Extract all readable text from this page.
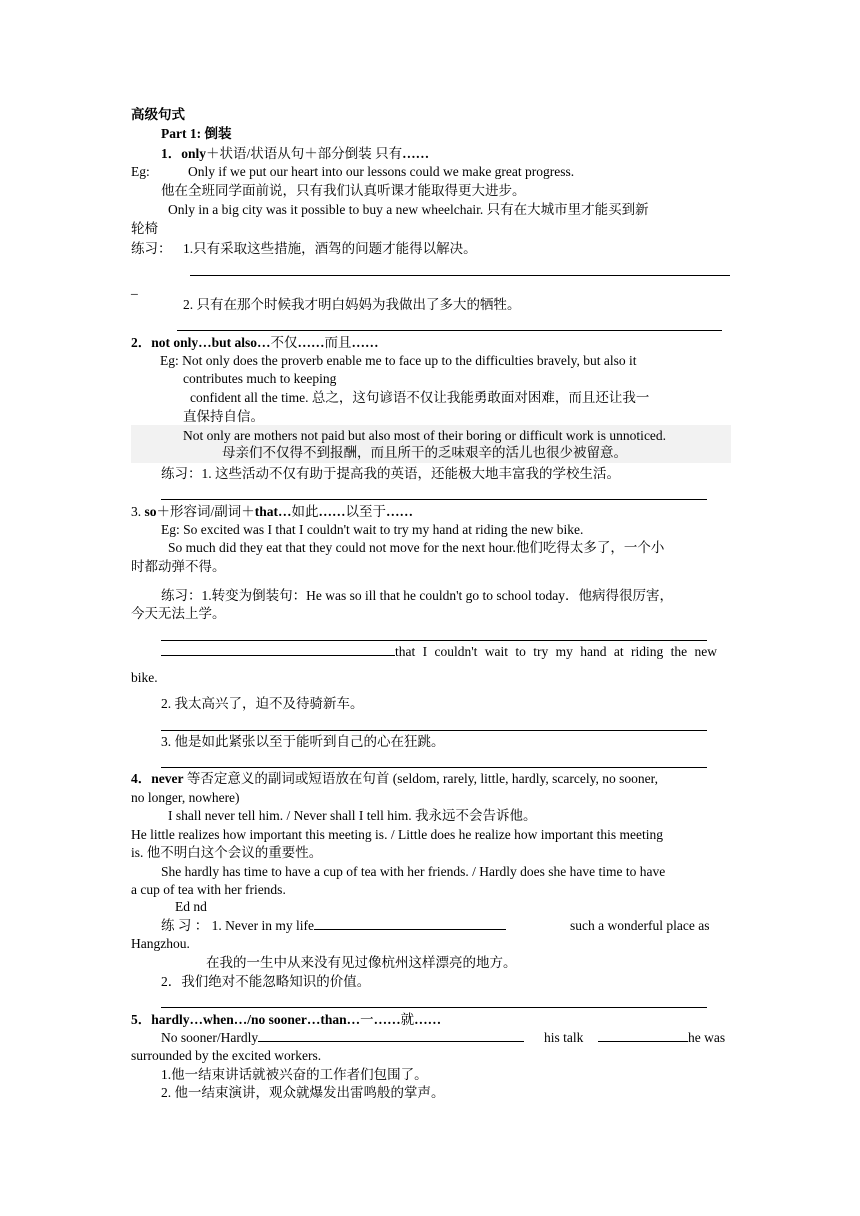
高级句式
Part 1: 倒装
1．only＋状语/状语从句＋部分倒装 只有……
Eg:	Only if we put our heart into our lessons could we make great progress.
他在全班同学面前说，只有我们认真听课才能取得更大进步。
Only in a big city was it possible to buy a new wheelchair. 只有在大城市里才能买到新
轮椅
练习： 1.只有采取这些措施，酒驾的问题才能得以解决。
_
2. 只有在那个时候我才明白妈妈为我做出了多大的牺牲。
2．not only…but also…不仅……而且……
Eg: Not only does the proverb enable me to face up to the difficulties bravely, but also it
contributes much to keeping
confident all the time. 总之，这句谚语不仅让我能勇敢面对困难，而且还让我一
直保持自信。
Not only are mothers not paid but also most of their boring or difficult work is unnoticed.
母亲们不仅得不到报酬，而且所干的乏味艰辛的活儿也很少被留意。
练习：1. 这些活动不仅有助于提高我的英语，还能极大地丰富我的学校生活。
3. so＋形容词/副词＋that…如此……以至于……
Eg: So excited was I that I couldn't wait to try my hand at riding the new bike.
So much did they eat that they could not move for the next hour.他们吃得太多了，一个小
时都动弹不得。
练习：1.转变为倒装句：He was so ill that he couldn't go to school today．他病得很厉害，
今天无法上学。
that I couldn't wait to try my hand at riding the new
bike.
2. 我太高兴了，迫不及待骑新车。
3. 他是如此紧张以至于能听到自己的心在狂跳。
4．never 等否定意义的副词或短语放在句首 (seldom, rarely, little, hardly, scarcely, no sooner,
no longer, nowhere)
I shall never tell him. / Never shall I tell him. 我永远不会告诉他。
He little realizes how important this meeting is. / Little does he realize how important this meeting
is. 他不明白这个会议的重要性。
She hardly has time to have a cup of tea with her friends. / Hardly does she have time to have
a cup of tea with her friends.
Ed nd
练 习 ： 1. Never in my life	such a wonderful place as
Hangzhou.
在我的一生中从来没有见过像杭州这样漂亮的地方。
2．我们绝对不能忽略知识的价值。
5．hardly…when…/no sooner…than…一……就……
No sooner/Hardly	his talk	he was
surrounded by the excited workers.
1.他一结束讲话就被兴奋的工作者们包围了。
2. 他一结束演讲，观众就爆发出雷鸣般的掌声。
